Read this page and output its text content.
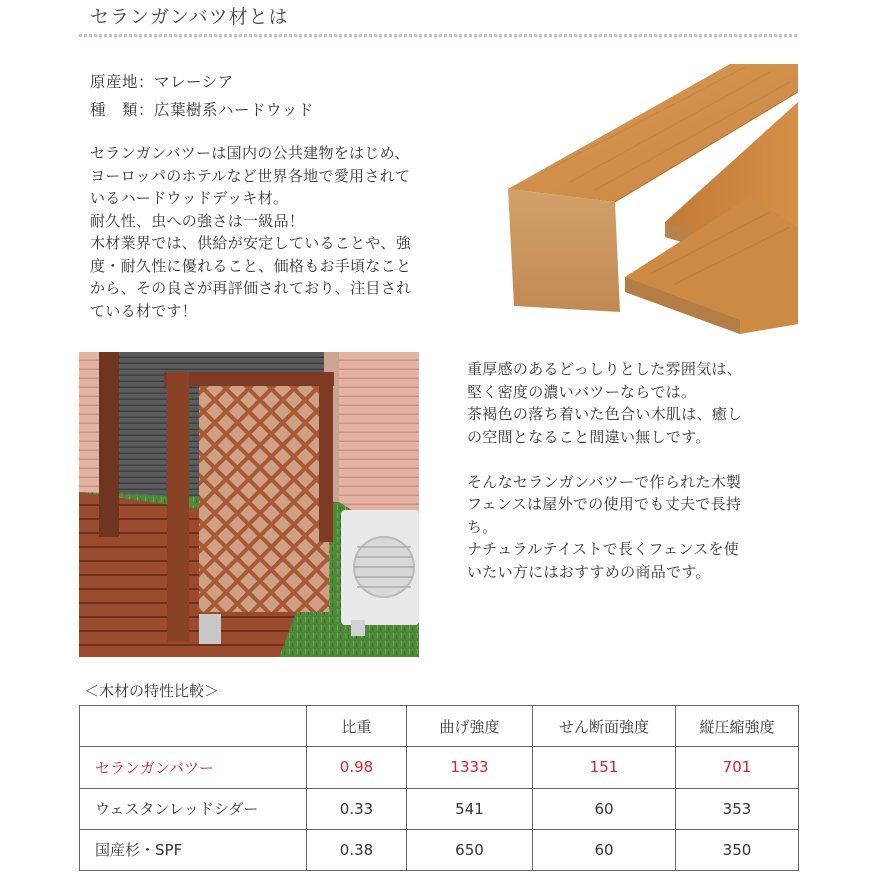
セランガンバツ材とは
原産地：マレーシア
種　類：広葉樹系ハードウッド
セランガンバツーは国内の公共建物をはじめ、
ヨーロッパのホテルなど世界各地で愛用されて
いるハードウッドデッキ材。
耐久性、虫への強さは一級品！
木材業界では、供給が安定していることや、強
度・耐久性に優れること、価格もお手頃なこと
から、その良さが再評価されており、注目され
ている材です！
重厚感のあるどっしりとした雰囲気は、
堅く密度の濃いバツーならでは。
茶褐色の落ち着いた色合い木肌は、癒し
の空間となること間違い無しです。
そんなセランガンバツーで作られた木製
フェンスは屋外での使用でも丈夫で長持
ち。
ナチュラルテイストで長くフェンスを使
いたい方にはおすすめの商品です。
＜木材の特性比較＞
	比重	曲げ強度	せん断面強度	縦圧縮強度
セランガンバツー	0.98	1333	151	701
ウェスタンレッドシダー	0.33	541	60	353
国産杉・SPF	0.38	650	60	350
